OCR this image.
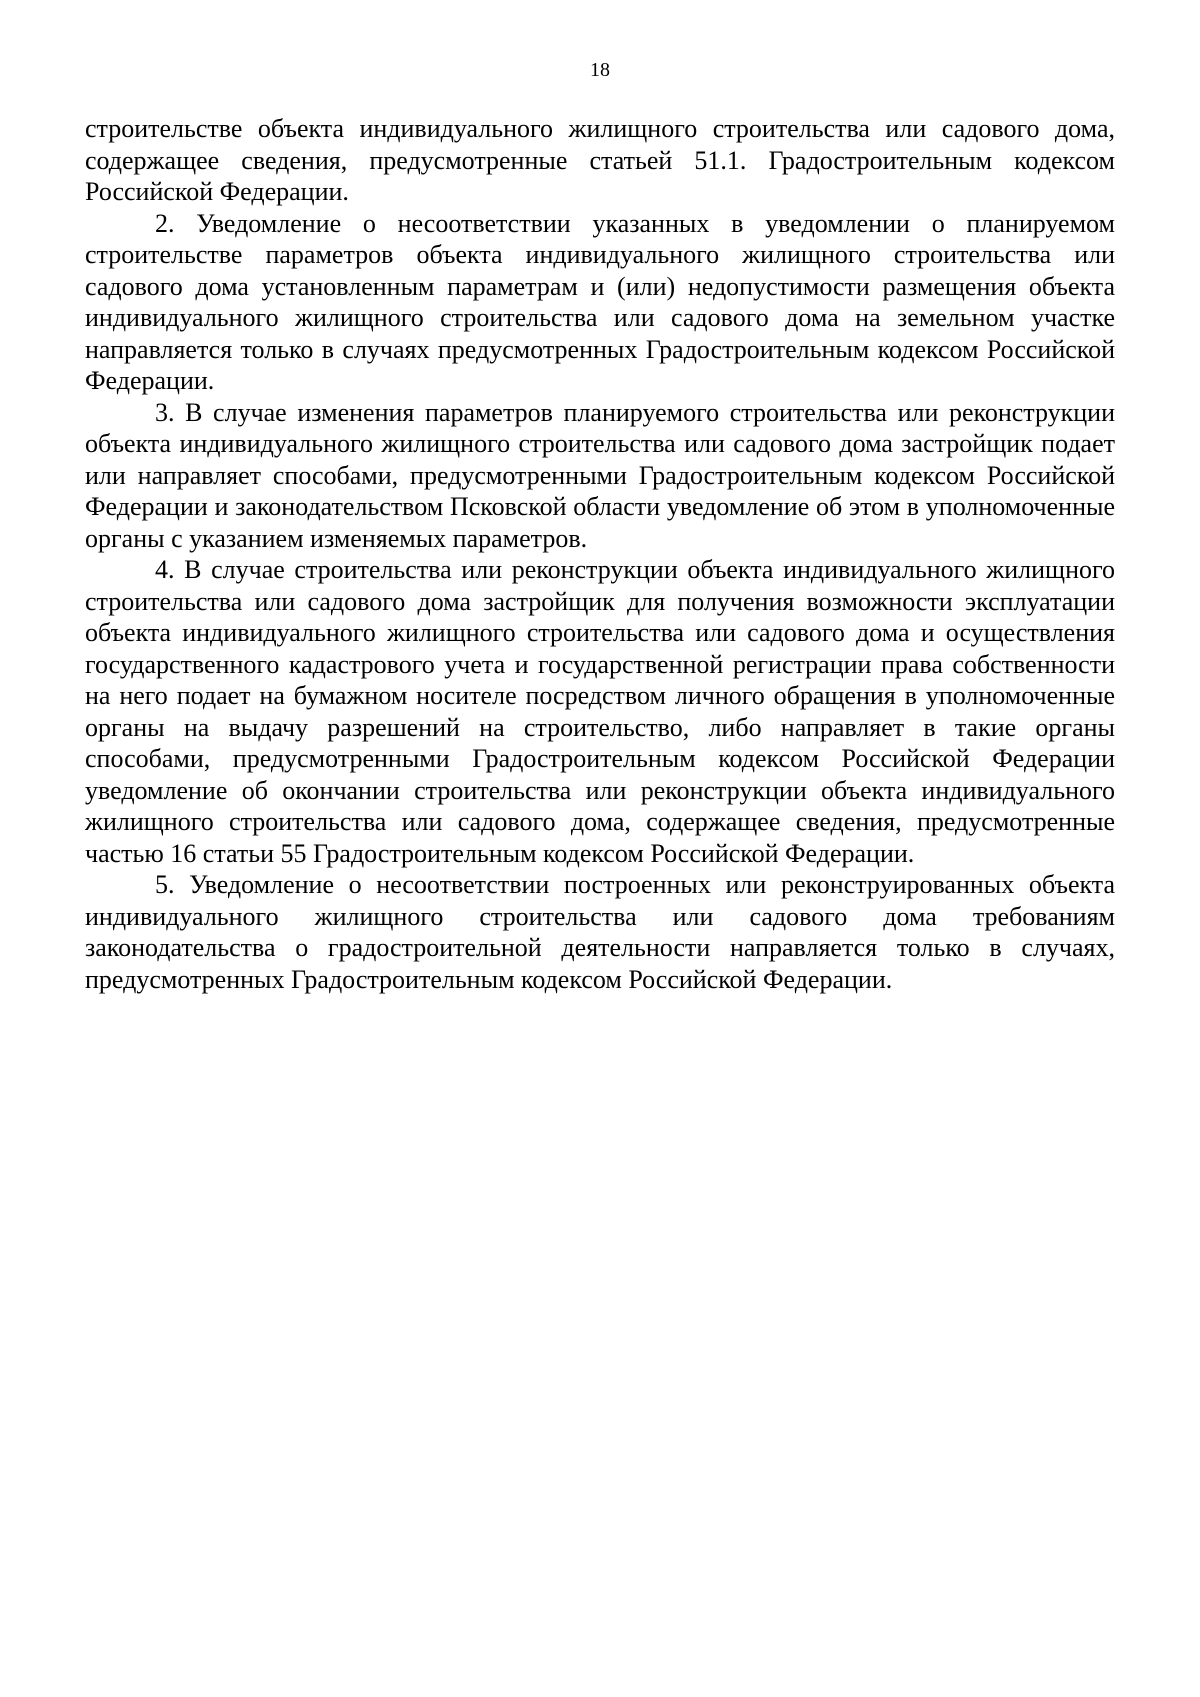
18

строительстве объекта индивидуального жилищного строительства или садового дома, содержащее сведения, предусмотренные статьей 51.1. Градостроительным кодексом Российской Федерации.

2. Уведомление о несоответствии указанных в уведомлении о планируемом строительстве параметров объекта индивидуального жилищного строительства или садового дома установленным параметрам и (или) недопустимости размещения объекта индивидуального жилищного строительства или садового дома на земельном участке направляется только в случаях предусмотренных Градостроительным кодексом Российской Федерации.

3. В случае изменения параметров планируемого строительства или реконструкции объекта индивидуального жилищного строительства или садового дома застройщик подает или направляет способами, предусмотренными Градостроительным кодексом Российской Федерации и законодательством Псковской области уведомление об этом в уполномоченные органы с указанием изменяемых параметров.

4. В случае строительства или реконструкции объекта индивидуального жилищного строительства или садового дома застройщик для получения возможности эксплуатации объекта индивидуального жилищного строительства или садового дома и осуществления государственного кадастрового учета и государственной регистрации права собственности на него подает на бумажном носителе посредством личного обращения в уполномоченные органы на выдачу разрешений на строительство, либо направляет в такие органы способами, предусмотренными Градостроительным кодексом Российской Федерации уведомление об окончании строительства или реконструкции объекта индивидуального жилищного строительства или садового дома, содержащее сведения, предусмотренные частью 16 статьи 55 Градостроительным кодексом Российской Федерации.

5. Уведомление о несоответствии построенных или реконструированных объекта индивидуального жилищного строительства или садового дома требованиям законодательства о градостроительной деятельности направляется только в случаях, предусмотренных Градостроительным кодексом Российской Федерации.
